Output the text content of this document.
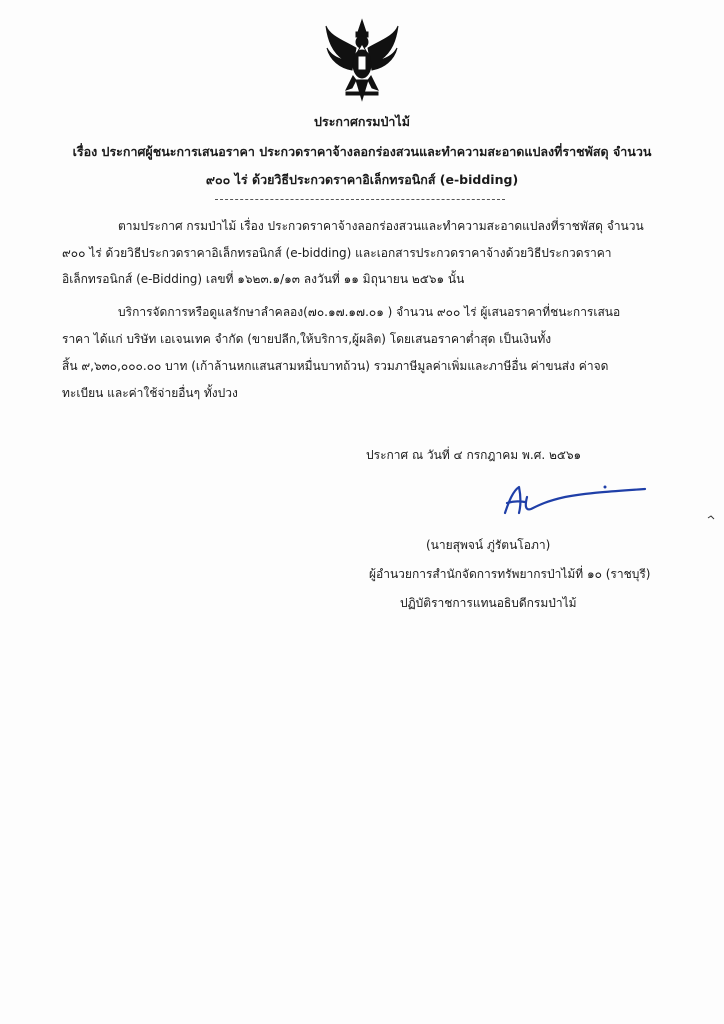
ประกาศกรมป่าไม้
เรื่อง ประกาศผู้ชนะการเสนอราคา ประกวดราคาจ้างลอกร่องสวนและทำความสะอาดแปลงที่ราชพัสดุ จำนวน
๙๐๐ ไร่ ด้วยวิธีประกวดราคาอิเล็กทรอนิกส์ (e-bidding)
ตามประกาศ กรมป่าไม้ เรื่อง ประกวดราคาจ้างลอกร่องสวนและทำความสะอาดแปลงที่ราชพัสดุ จำนวน
๙๐๐ ไร่ ด้วยวิธีประกวดราคาอิเล็กทรอนิกส์ (e-bidding) และเอกสารประกวดราคาจ้างด้วยวิธีประกวดราคา
อิเล็กทรอนิกส์ (e-Bidding) เลขที่ ๑๖๒๓.๑/๑๓ ลงวันที่ ๑๑ มิถุนายน ๒๕๖๑ นั้น
บริการจัดการหรือดูแลรักษาลำคลอง(๗๐.๑๗.๑๗.๐๑ ) จำนวน ๙๐๐ ไร่ ผู้เสนอราคาที่ชนะการเสนอ
ราคา ได้แก่ บริษัท เอเจนเทค จำกัด (ขายปลีก,ให้บริการ,ผู้ผลิต) โดยเสนอราคาต่ำสุด เป็นเงินทั้ง
สิ้น ๙,๖๓๐,๐๐๐.๐๐ บาท (เก้าล้านหกแสนสามหมื่นบาทถ้วน) รวมภาษีมูลค่าเพิ่มและภาษีอื่น ค่าขนส่ง ค่าจด
ทะเบียน และค่าใช้จ่ายอื่นๆ ทั้งปวง
ประกาศ ณ วันที่ ๔ กรกฎาคม พ.ศ. ๒๕๖๑
(นายสุพจน์ ภู่รัตนโอภา)
ผู้อำนวยการสำนักจัดการทรัพยากรป่าไม้ที่ ๑๐ (ราชบุรี)
ปฏิบัติราชการแทนอธิบดีกรมป่าไม้
